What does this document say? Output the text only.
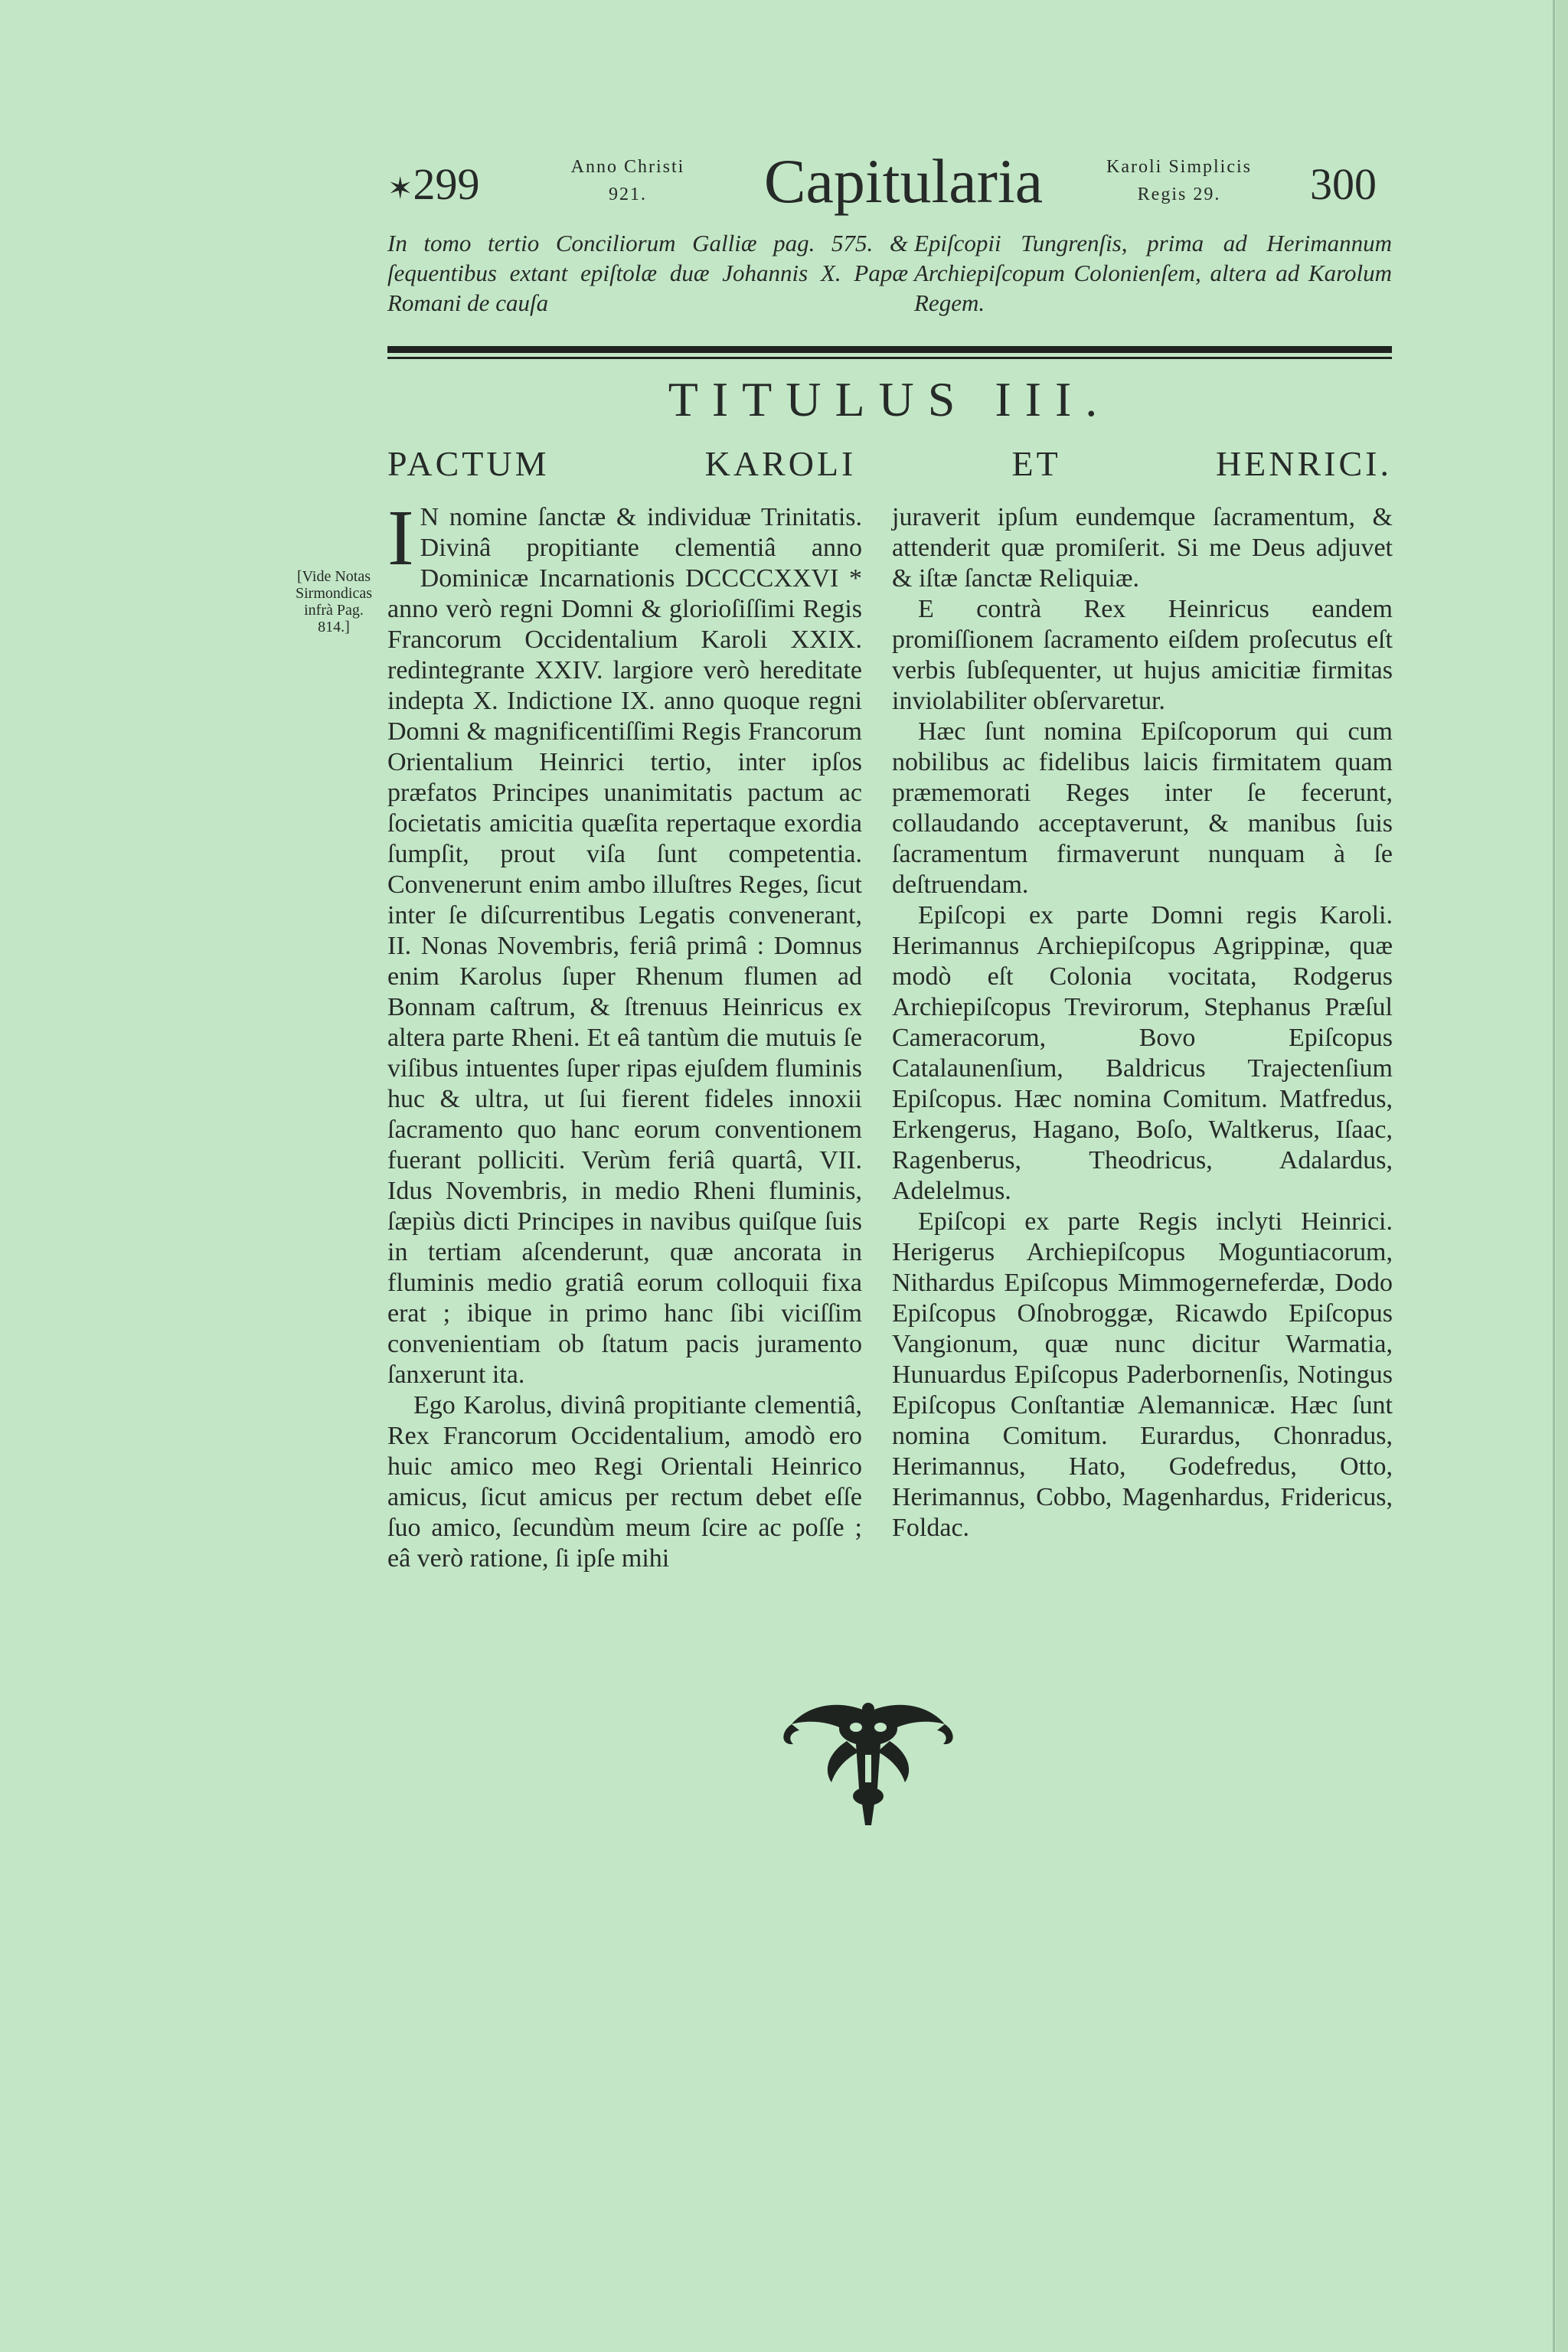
✶299	Anno Christi
921.	Capitularia	Karoli Simplicis
Regis 29.	300
In tomo tertio Conciliorum Galliæ pag. 575. & ſequentibus extant epiſtolæ duæ Johannis X. Papæ Romani de cauſa
Epiſcopii Tungrenſis, prima ad Herimannum Archiepiſcopum Colonienſem, altera ad Karolum Regem.
TITULUS III.
PACTUM	KAROLI	ET	HENRICI.
[Vide Notas Sirmondicas infrà Pag. 814.]

I N nomine ſanctæ & individuæ Trinitatis. Divinâ propitiante clementiâ anno Dominicæ Incarnationis DCCCCXXVI * anno verò regni Domni & glorioſiſſimi Regis Francorum Occidentalium Karoli XXIX. redintegrante XXIV. largiore verò hereditate indepta X. Indictione IX. anno quoque regni Domni & magnificentiſſimi Regis Francorum Orientalium Heinrici tertio, inter ipſos præfatos Principes unanimitatis pactum ac ſocietatis amicitia quæſita repertaque exordia ſumpſit, prout viſa ſunt competentia. Convenerunt enim ambo illuſtres Reges, ſicut inter ſe diſcurrentibus Legatis convenerant, II. Nonas Novembris, feriâ primâ : Domnus enim Karolus ſuper Rhenum flumen ad Bonnam caſtrum, & ſtrenuus Heinricus ex altera parte Rheni. Et eâ tantùm die mutuis ſe viſibus intuentes ſuper ripas ejuſdem fluminis huc & ultra, ut ſui fierent fideles innoxii ſacramento quo hanc eorum conventionem fuerant polliciti. Verùm feriâ quartâ, VII. Idus Novembris, in medio Rheni fluminis, ſæpiùs dicti Principes in navibus quiſque ſuis in tertiam aſcenderunt, quæ ancorata in fluminis medio gratiâ eorum colloquii fixa erat ; ibique in primo hanc ſibi viciſſim convenientiam ob ſtatum pacis juramento ſanxerunt ita.

Ego Karolus, divinâ propitiante clementiâ, Rex Francorum Occidentalium, amodò ero huic amico meo Regi Orientali Heinrico amicus, ſicut amicus per rectum debet eſſe ſuo amico, ſecundùm meum ſcire ac poſſe ; eâ verò ratione, ſi ipſe mihi

juraverit ipſum eundemque ſacramentum, & attenderit quæ promiſerit. Si me Deus adjuvet & iſtæ ſanctæ Reliquiæ.

E contrà Rex Heinricus eandem promiſſionem ſacramento eiſdem proſecutus eſt verbis ſubſequenter, ut hujus amicitiæ firmitas inviolabiliter obſervaretur.

Hæc ſunt nomina Epiſcoporum qui cum nobilibus ac fidelibus laicis firmitatem quam præmemorati Reges inter ſe fecerunt, collaudando acceptaverunt, & manibus ſuis ſacramentum firmaverunt nunquam à ſe deſtruendam.

Epiſcopi ex parte Domni regis Karoli. Herimannus Archiepiſcopus Agrippinæ, quæ modò eſt Colonia vocitata, Rodgerus Archiepiſcopus Trevirorum, Stephanus Præſul Cameracorum, Bovo Epiſcopus Catalaunenſium, Baldricus Trajectenſium Epiſcopus. Hæc nomina Comitum. Matfredus, Erkengerus, Hagano, Boſo, Waltkerus, Iſaac, Ragenberus, Theodricus, Adalardus, Adelelmus.

Epiſcopi ex parte Regis inclyti Heinrici. Herigerus Archiepiſcopus Moguntiacorum, Nithardus Epiſcopus Mimmogerneferdæ, Dodo Epiſcopus Oſnobroggæ, Ricawdo Epiſcopus Vangionum, quæ nunc dicitur Warmatia, Hunuardus Epiſcopus Paderbornenſis, Notingus Epiſcopus Conſtantiæ Alemannicæ. Hæc ſunt nomina Comitum. Eurardus, Chonradus, Herimannus, Hato, Godefredus, Otto, Herimannus, Cobbo, Magenhardus, Fridericus, Foldac.
